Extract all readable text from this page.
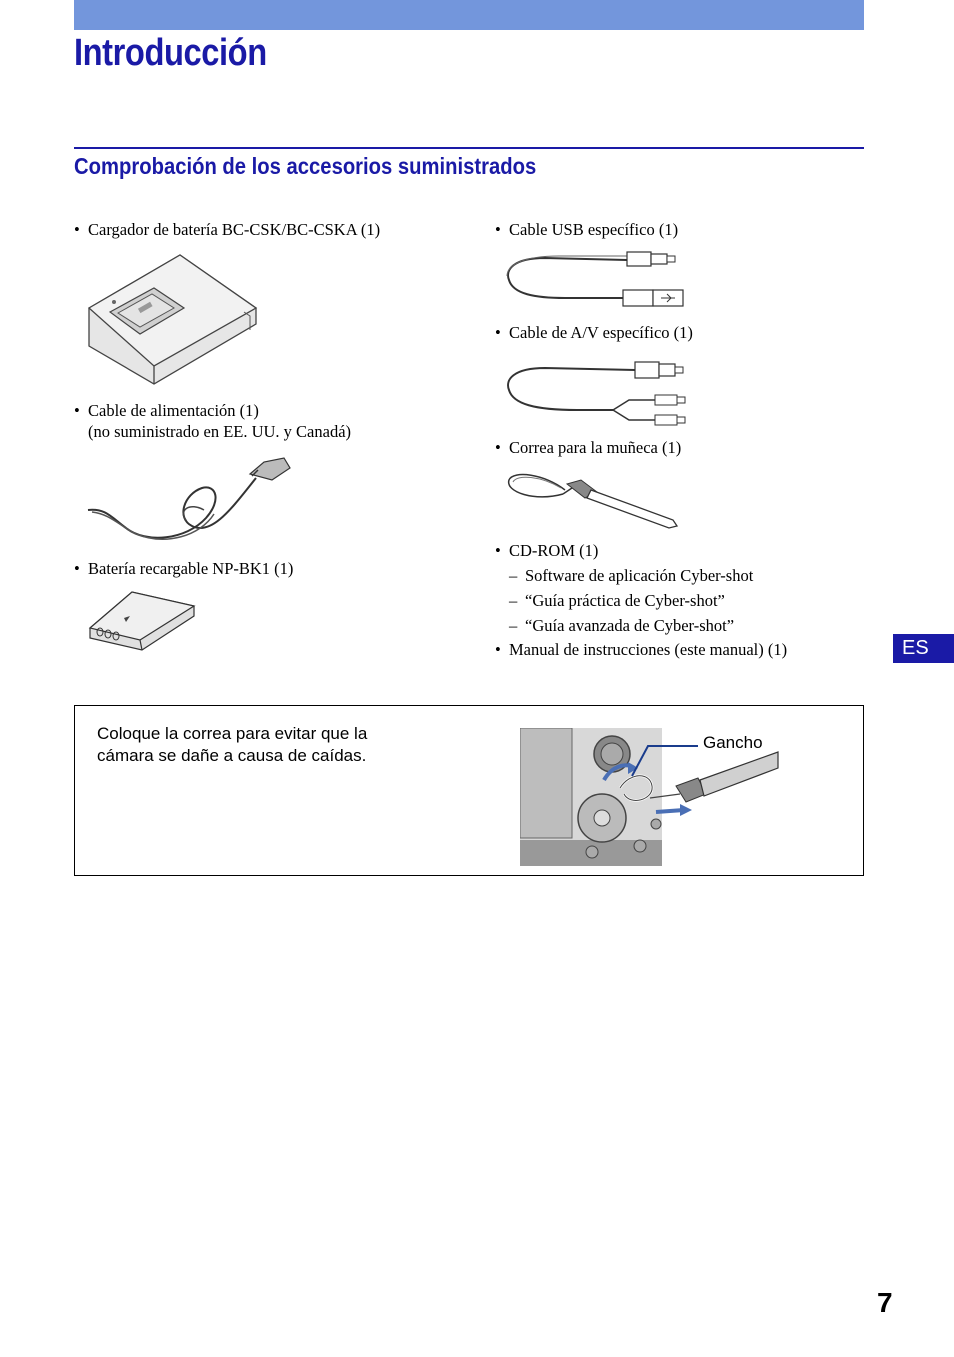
Introducción
Comprobación de los accesorios suministrados
• Cargador de batería BC-CSK/BC-CSKA (1)
• Cable de alimentación (1)
(no suministrado en EE. UU. y Canadá)
• Batería recargable NP-BK1 (1)
• Cable USB específico (1)
• Cable de A/V específico (1)
• Correa para la muñeca (1)
• CD-ROM (1)
– Software de aplicación Cyber-shot
– “Guía práctica de Cyber-shot”
– “Guía avanzada de Cyber-shot”
• Manual de instrucciones (este manual) (1)	ES

Coloque la correa para evitar que la
cámara se dañe a causa de caídas.

Gancho
7
